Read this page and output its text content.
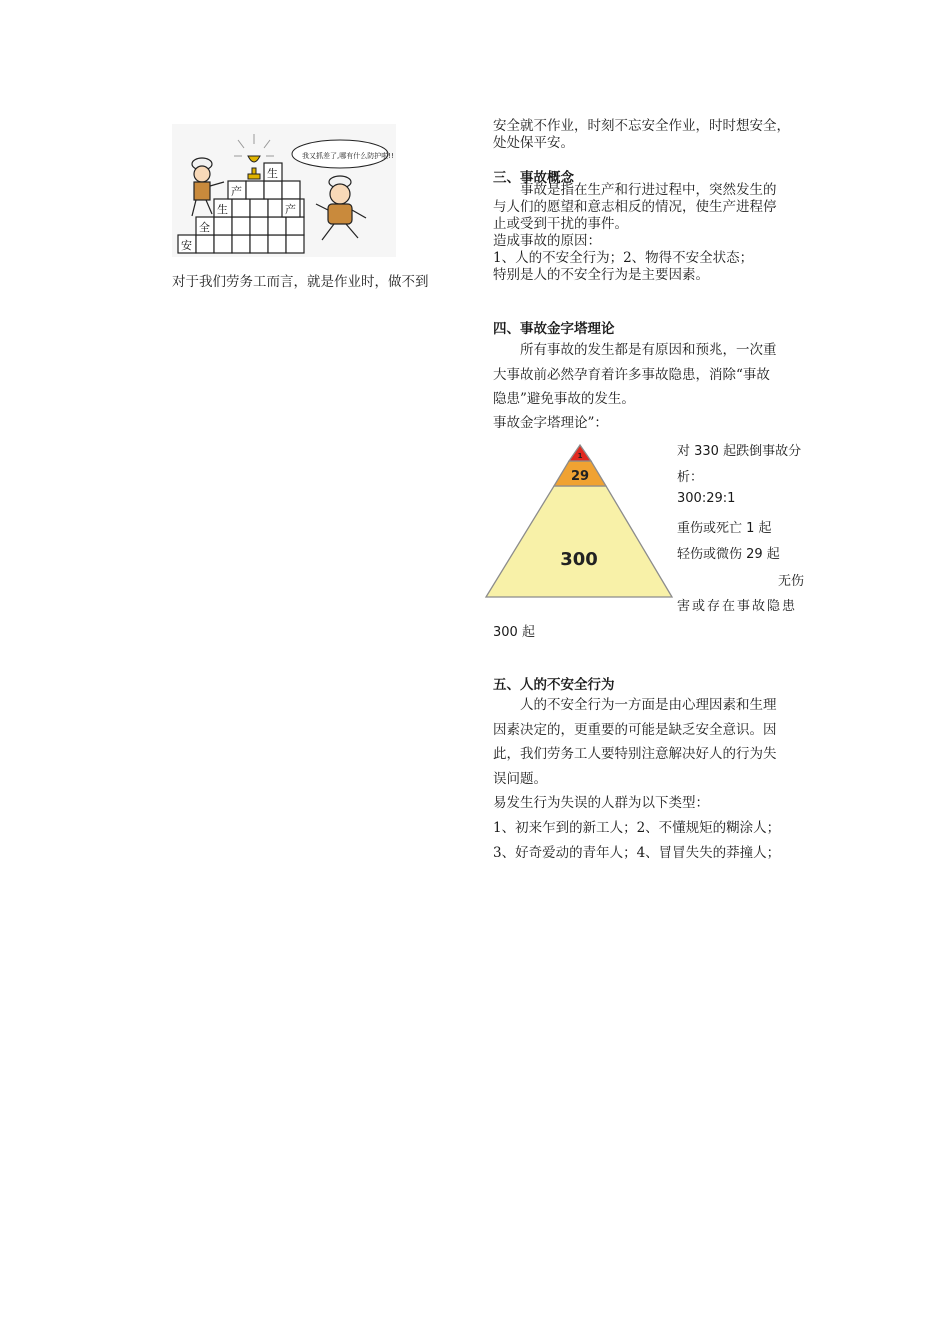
我又抓差了,哪有什么防护啦!!
安
全
生
产
生
产
对于我们劳务工而言，就是作业时，做不到
安全就不作业，时刻不忘安全作业，时时想安全，
处处保平安。
三、事故概念
　　事故是指在生产和行进过程中，突然发生的
与人们的愿望和意志相反的情况，使生产进程停
止或受到干扰的事件。
造成事故的原因：
1、人的不安全行为；2、物得不安全状态；
特别是人的不安全行为是主要因素。
四、事故金字塔理论
　　所有事故的发生都是有原因和预兆，一次重
大事故前必然孕育着许多事故隐患，消除“事故
隐患”避免事故的发生。
事故金字塔理论”：
1
29
300
对 330 起跌倒事故分
析：
300:29:1
重伤或死亡 1 起
轻伤或微伤 29 起
无伤
害或存在事故隐患
300 起
五、人的不安全行为
　　人的不安全行为一方面是由心理因素和生理
因素决定的，更重要的可能是缺乏安全意识。因
此，我们劳务工人要特别注意解决好人的行为失
误问题。
易发生行为失误的人群为以下类型：
1、初来乍到的新工人；2、不懂规矩的糊涂人；
3、好奇爱动的青年人；4、冒冒失失的莽撞人；
